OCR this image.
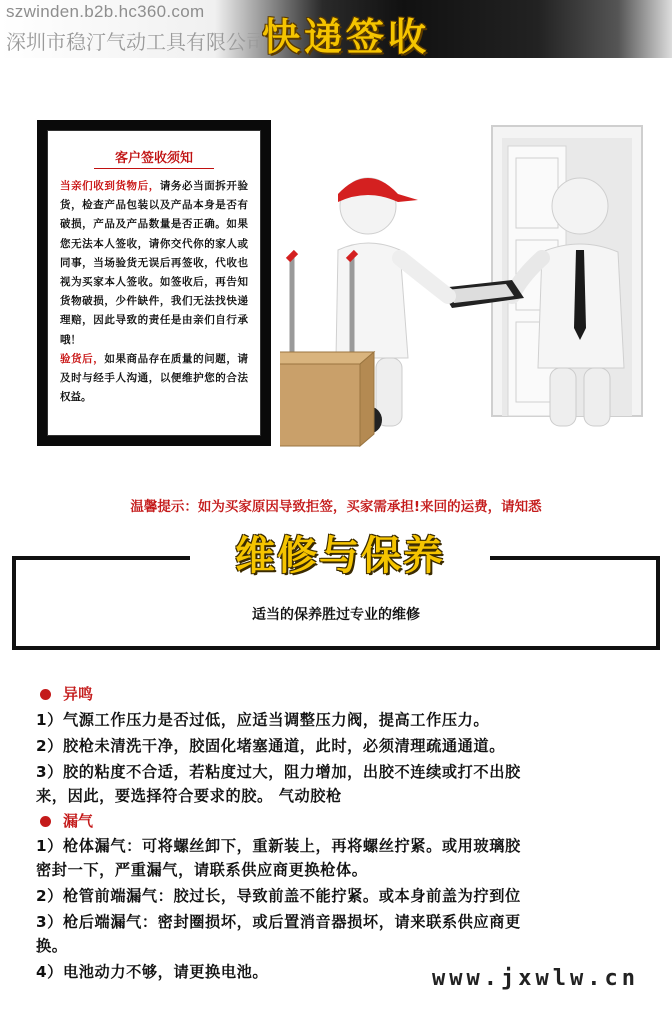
szwinden.b2b.hc360.com
深圳市稳汀气动工具有限公司
快递签收
客户签收须知
当亲们收到货物后，请务必当面拆开验货，检查产品包装以及产品本身是否有破损，产品及产品数量是否正确。如果您无法本人签收，请你交代你的家人或同事，当场验货无误后再签收，代收也视为买家本人签收。如签收后，再告知货物破损，少件缺件，我们无法找快递理赔，因此导致的责任是由亲们自行承哦！
验货后，如果商品存在质量的问题，请及时与经手人沟通，以便维护您的合法权益。
温馨提示：如为买家原因导致拒签，买家需承担!来回的运费，请知悉
维修与保养
适当的保养胜过专业的维修
异鸣
1）气源工作压力是否过低，应适当调整压力阀，提高工作压力。
2）胶枪未清洗干净，胶固化堵塞通道，此时，必须清理疏通通道。
3）胶的粘度不合适，若粘度过大，阻力增加，出胶不连续或打不出胶
来，因此，要选择符合要求的胶。 气动胶枪
漏气
1）枪体漏气：可将螺丝卸下，重新装上，再将螺丝拧紧。或用玻璃胶
密封一下，严重漏气，请联系供应商更换枪体。
2）枪管前端漏气：胶过长，导致前盖不能拧紧。或本身前盖为拧到位
3）枪后端漏气：密封圈损坏，或后置消音器损坏，请来联系供应商更
换。
4）电池动力不够，请更换电池。	www.jxwlw.cn
